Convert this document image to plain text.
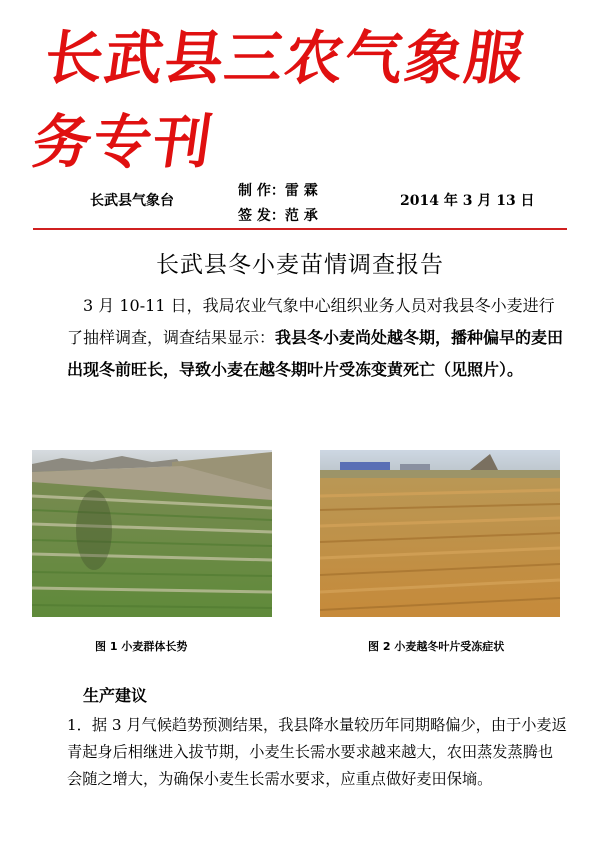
长武县三农气象服务专刊
长武县气象台
制 作：雷 霖
签 发：范 承
2014 年 3 月 13 日
长武县冬小麦苗情调查报告
3 月 10-11 日，我局农业气象中心组织业务人员对我县冬小麦进行了抽样调查，调查结果显示：我县冬小麦尚处越冬期，播种偏早的麦田出现冬前旺长，导致小麦在越冬期叶片受冻变黄死亡（见照片）。
图 1 小麦群体长势	图 2 小麦越冬叶片受冻症状
生产建议
1．据 3 月气候趋势预测结果，我县降水量较历年同期略偏少，由于小麦返青起身后相继进入拔节期，小麦生长需水要求越来越大，农田蒸发蒸腾也会随之增大，为确保小麦生长需水要求，应重点做好麦田保墒。
